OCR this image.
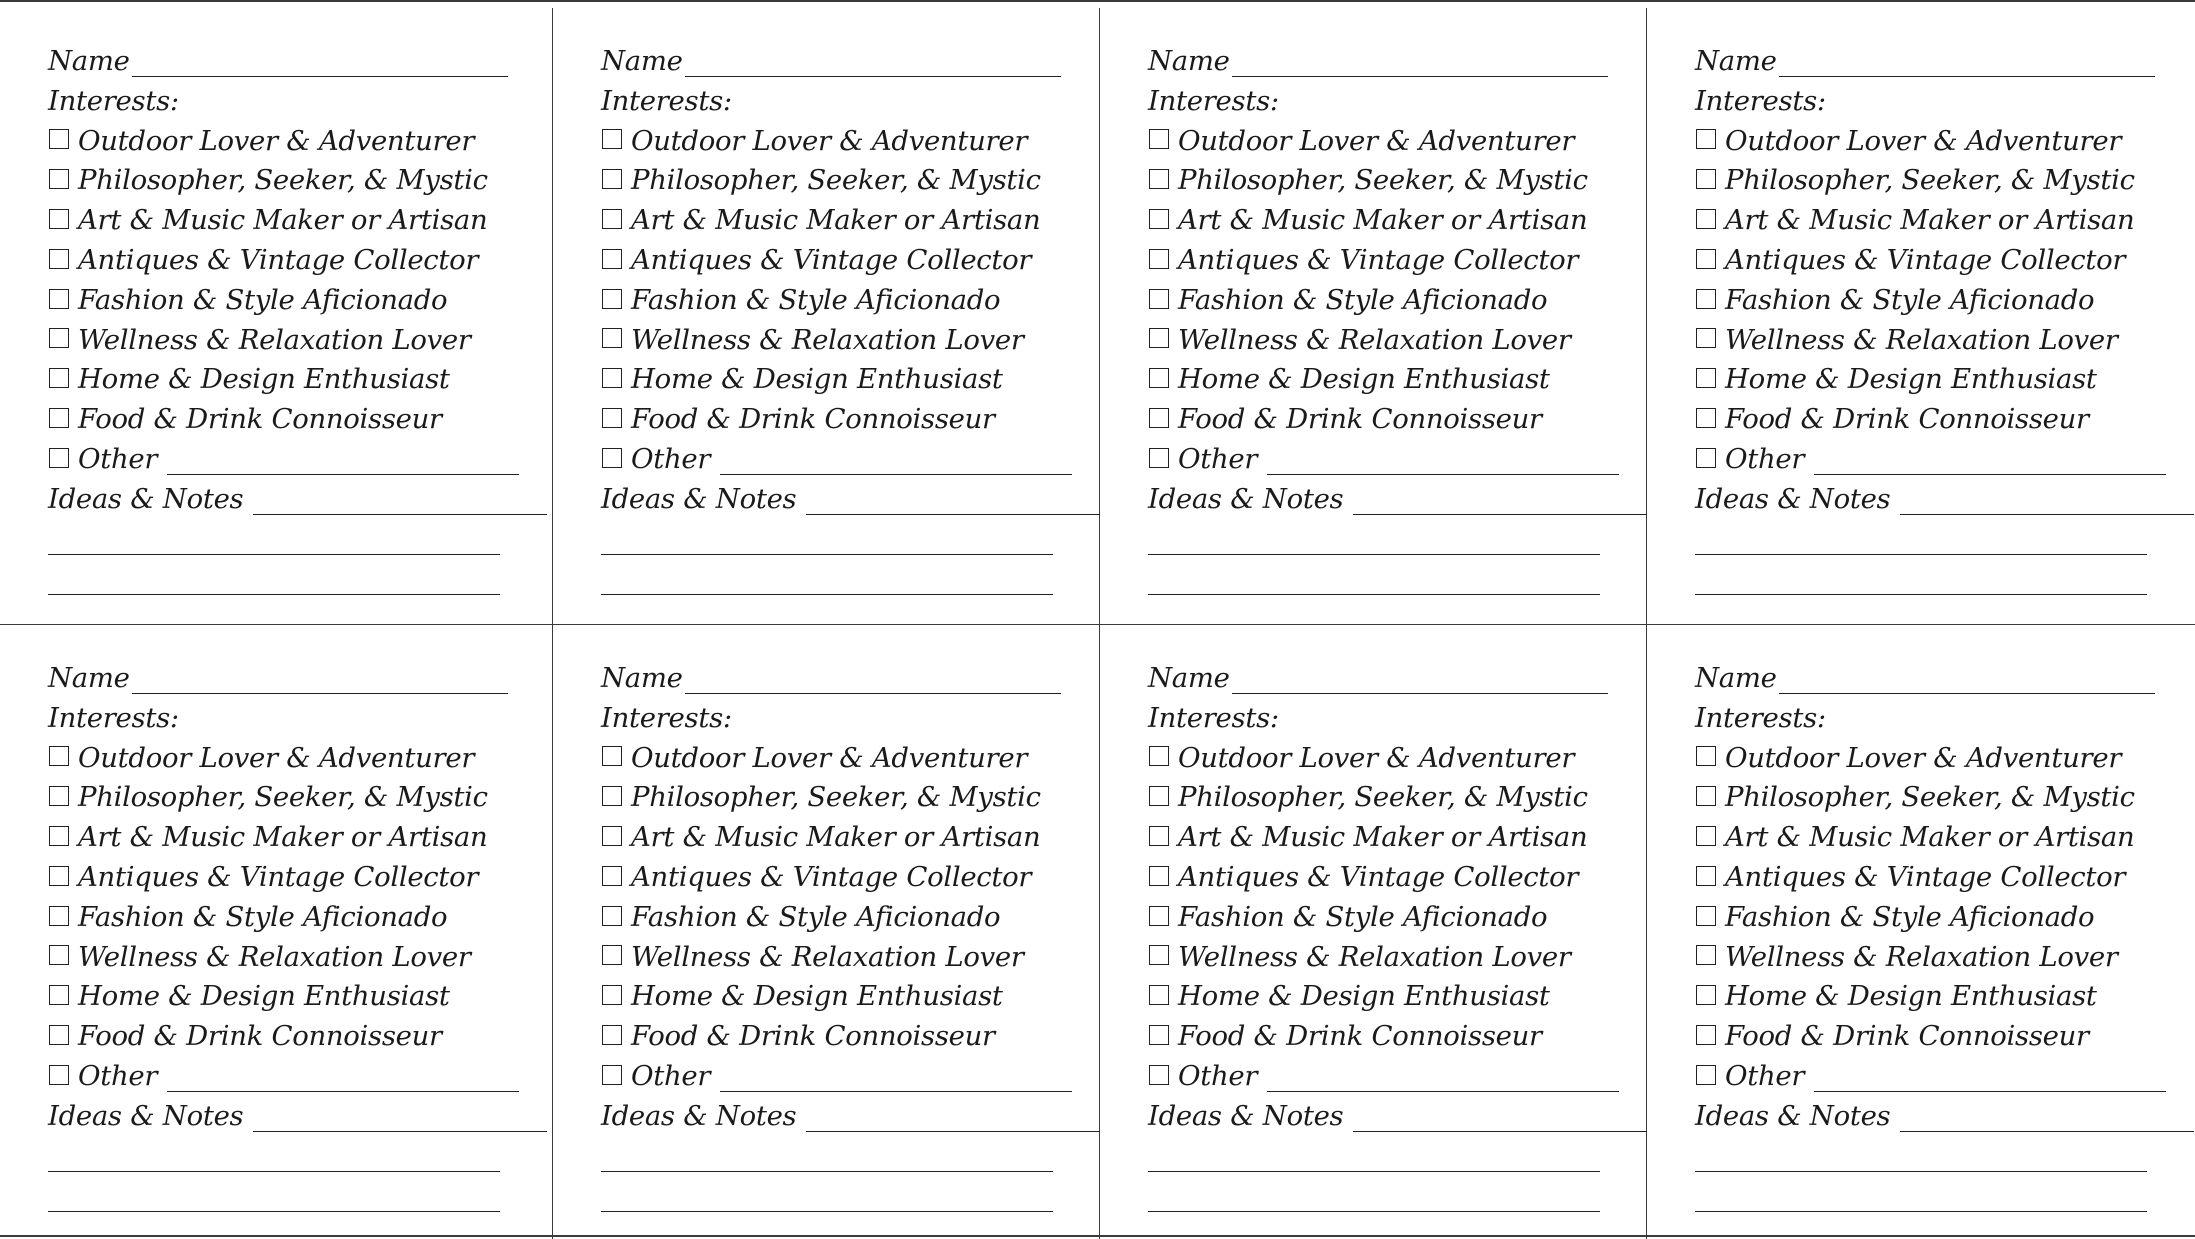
Name
Interests:
Outdoor Lover & Adventurer
Philosopher, Seeker, & Mystic
Art & Music Maker or Artisan
Antiques & Vintage Collector
Fashion & Style Aficionado
Wellness & Relaxation Lover
Home & Design Enthusiast
Food & Drink Connoisseur
Other
Ideas & Notes
Name
Interests:
Outdoor Lover & Adventurer
Philosopher, Seeker, & Mystic
Art & Music Maker or Artisan
Antiques & Vintage Collector
Fashion & Style Aficionado
Wellness & Relaxation Lover
Home & Design Enthusiast
Food & Drink Connoisseur
Other
Ideas & Notes
Name
Interests:
Outdoor Lover & Adventurer
Philosopher, Seeker, & Mystic
Art & Music Maker or Artisan
Antiques & Vintage Collector
Fashion & Style Aficionado
Wellness & Relaxation Lover
Home & Design Enthusiast
Food & Drink Connoisseur
Other
Ideas & Notes
Name
Interests:
Outdoor Lover & Adventurer
Philosopher, Seeker, & Mystic
Art & Music Maker or Artisan
Antiques & Vintage Collector
Fashion & Style Aficionado
Wellness & Relaxation Lover
Home & Design Enthusiast
Food & Drink Connoisseur
Other
Ideas & Notes
Name
Interests:
Outdoor Lover & Adventurer
Philosopher, Seeker, & Mystic
Art & Music Maker or Artisan
Antiques & Vintage Collector
Fashion & Style Aficionado
Wellness & Relaxation Lover
Home & Design Enthusiast
Food & Drink Connoisseur
Other
Ideas & Notes
Name
Interests:
Outdoor Lover & Adventurer
Philosopher, Seeker, & Mystic
Art & Music Maker or Artisan
Antiques & Vintage Collector
Fashion & Style Aficionado
Wellness & Relaxation Lover
Home & Design Enthusiast
Food & Drink Connoisseur
Other
Ideas & Notes
Name
Interests:
Outdoor Lover & Adventurer
Philosopher, Seeker, & Mystic
Art & Music Maker or Artisan
Antiques & Vintage Collector
Fashion & Style Aficionado
Wellness & Relaxation Lover
Home & Design Enthusiast
Food & Drink Connoisseur
Other
Ideas & Notes
Name
Interests:
Outdoor Lover & Adventurer
Philosopher, Seeker, & Mystic
Art & Music Maker or Artisan
Antiques & Vintage Collector
Fashion & Style Aficionado
Wellness & Relaxation Lover
Home & Design Enthusiast
Food & Drink Connoisseur
Other
Ideas & Notes
